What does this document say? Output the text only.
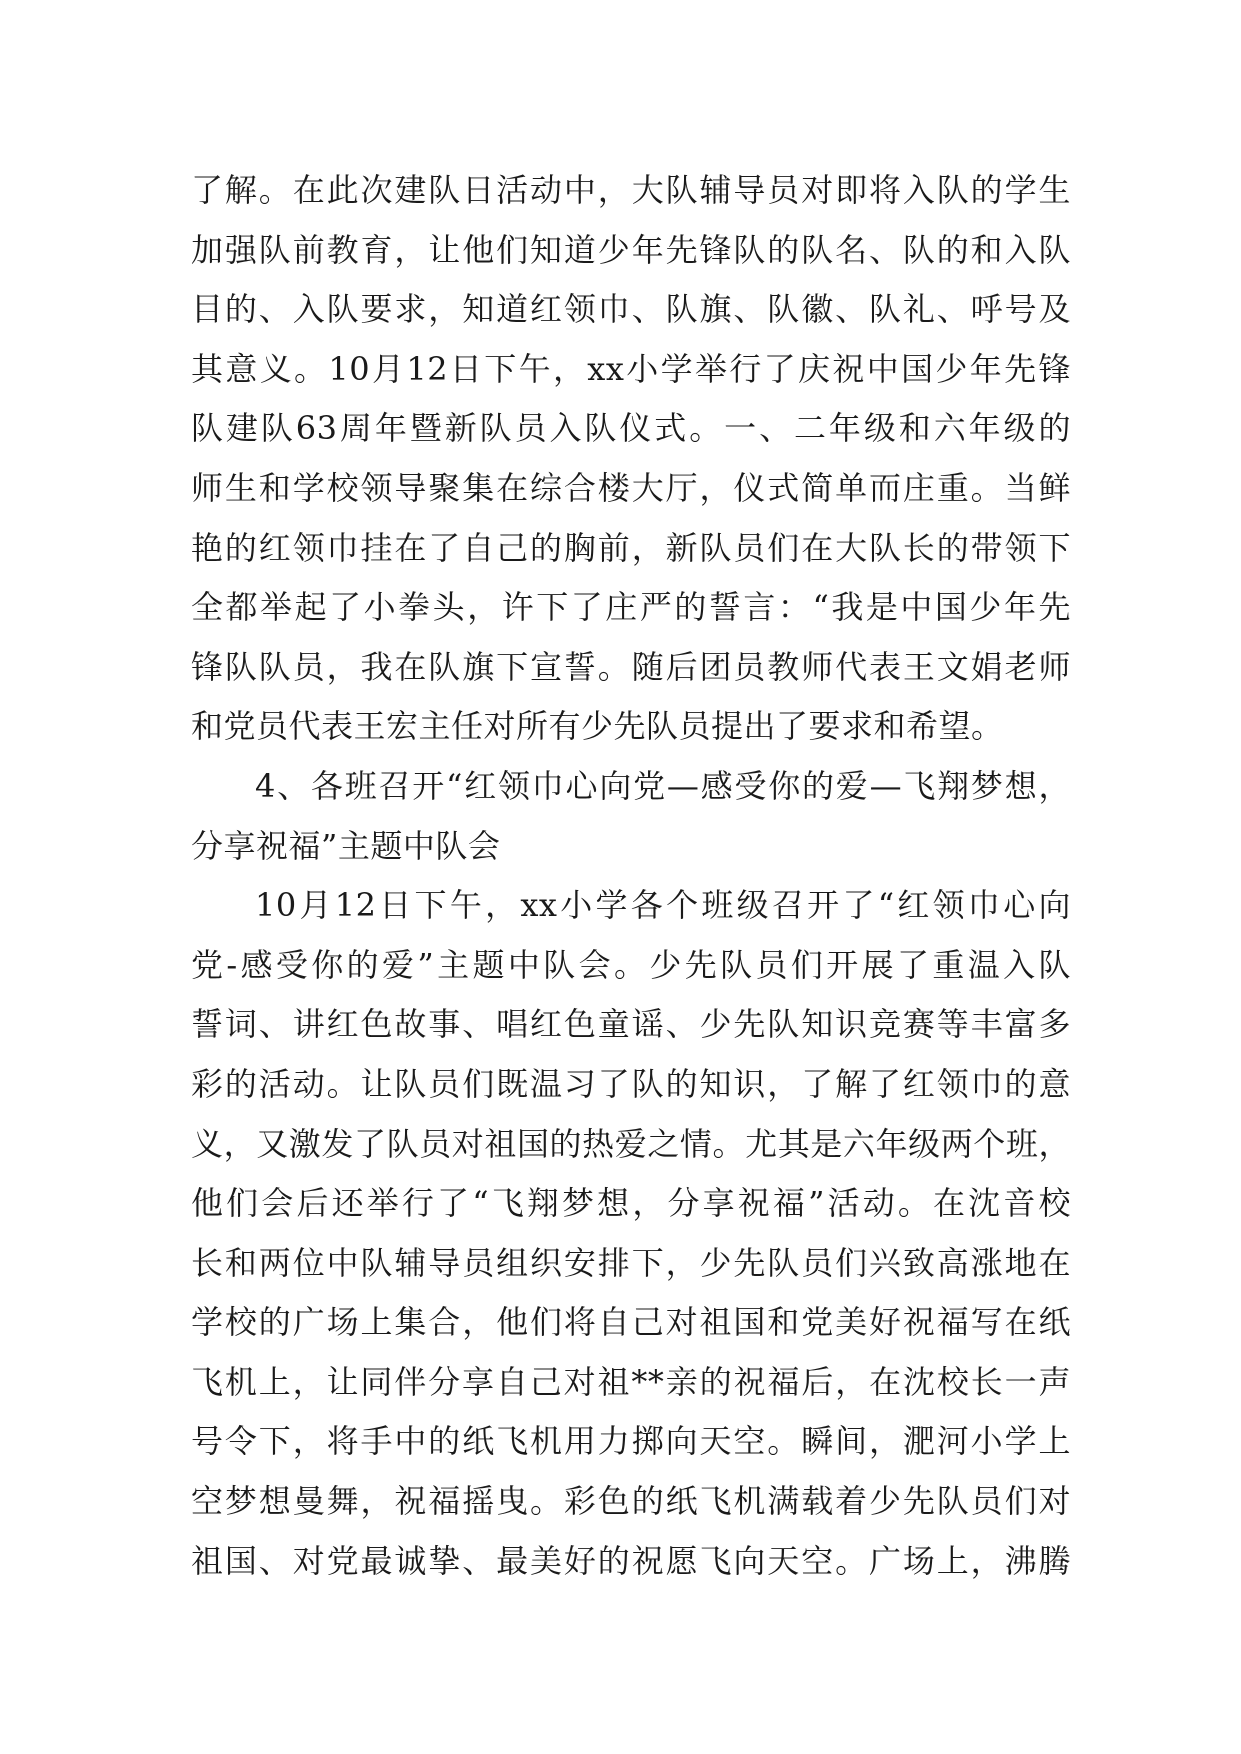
了解。在此次建队日活动中，大队辅导员对即将入队的学生
加强队前教育，让他们知道少年先锋队的队名、队的和入队
目的、入队要求，知道红领巾、队旗、队徽、队礼、呼号及
其意义。10月12日下午，xx小学举行了庆祝中国少年先锋
队建队63周年暨新队员入队仪式。一、二年级和六年级的
师生和学校领导聚集在综合楼大厅，仪式简单而庄重。当鲜
艳的红领巾挂在了自己的胸前，新队员们在大队长的带领下
全都举起了小拳头，许下了庄严的誓言：“我是中国少年先
锋队队员，我在队旗下宣誓。随后团员教师代表王文娟老师
和党员代表王宏主任对所有少先队员提出了要求和希望。
4、各班召开“红领巾心向党—感受你的爱—飞翔梦想，
分享祝福”主题中队会
10月12日下午，xx小学各个班级召开了“红领巾心向
党-感受你的爱”主题中队会。少先队员们开展了重温入队
誓词、讲红色故事、唱红色童谣、少先队知识竞赛等丰富多
彩的活动。让队员们既温习了队的知识，了解了红领巾的意
义，又激发了队员对祖国的热爱之情。尤其是六年级两个班，
他们会后还举行了“飞翔梦想，分享祝福”活动。在沈音校
长和两位中队辅导员组织安排下，少先队员们兴致高涨地在
学校的广场上集合，他们将自己对祖国和党美好祝福写在纸
飞机上，让同伴分享自己对祖**亲的祝福后，在沈校长一声
号令下，将手中的纸飞机用力掷向天空。瞬间，淝河小学上
空梦想曼舞，祝福摇曳。彩色的纸飞机满载着少先队员们对
祖国、对党最诚挚、最美好的祝愿飞向天空。广场上，沸腾
